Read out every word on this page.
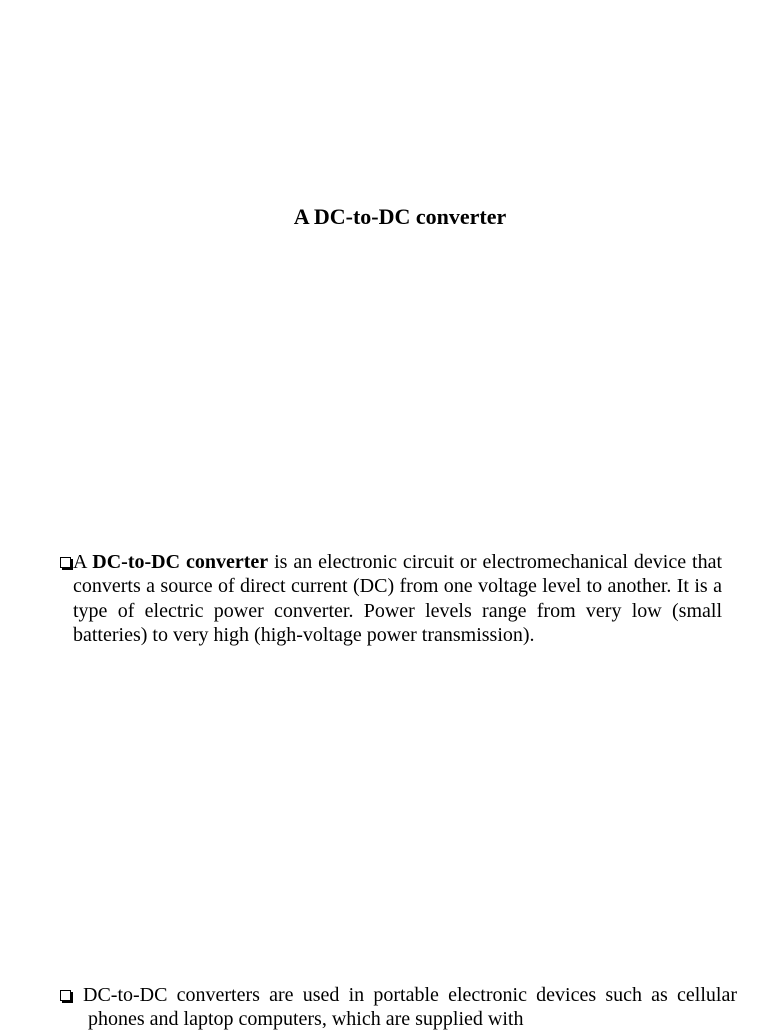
A DC-to-DC converter

A DC-to-DC converter is an electronic circuit or electromechanical device that converts a source of direct current (DC) from one voltage level to another. It is a type of electric power converter. Power levels range from very low (small batteries) to very high (high-voltage power transmission).

DC-to-DC converters are used in portable electronic devices such as cellular phones and laptop computers, which are supplied with
